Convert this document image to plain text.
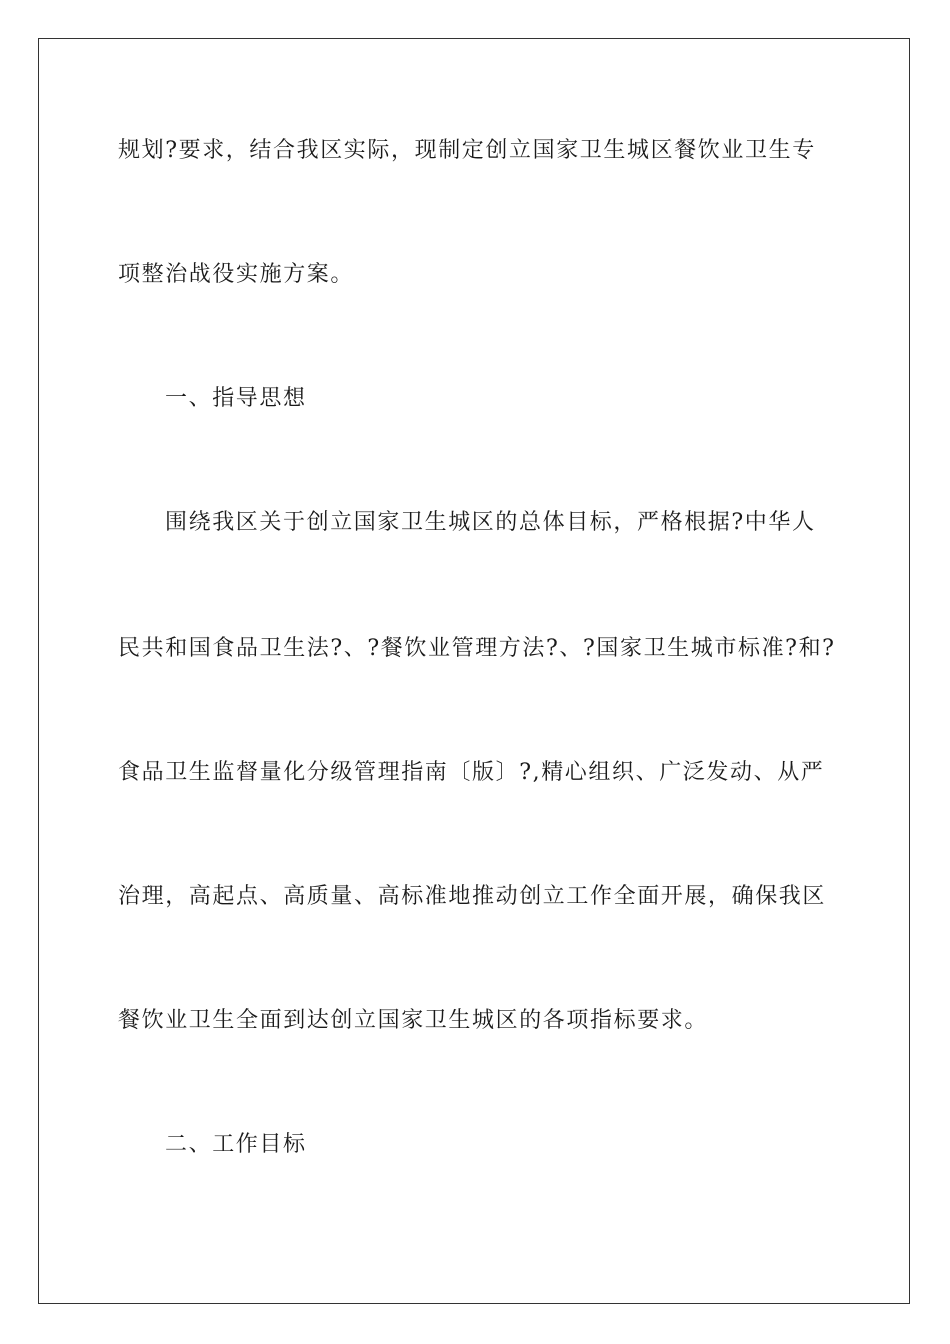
规划?要求，结合我区实际，现制定创立国家卫生城区餐饮业卫生专
项整治战役实施方案。
一、指导思想
围绕我区关于创立国家卫生城区的总体目标，严格根据?中华人
民共和国食品卫生法?、?餐饮业管理方法?、?国家卫生城市标准?和?
食品卫生监督量化分级管理指南〔版〕?,精心组织、广泛发动、从严
治理，高起点、高质量、高标准地推动创立工作全面开展，确保我区
餐饮业卫生全面到达创立国家卫生城区的各项指标要求。
二、工作目标
